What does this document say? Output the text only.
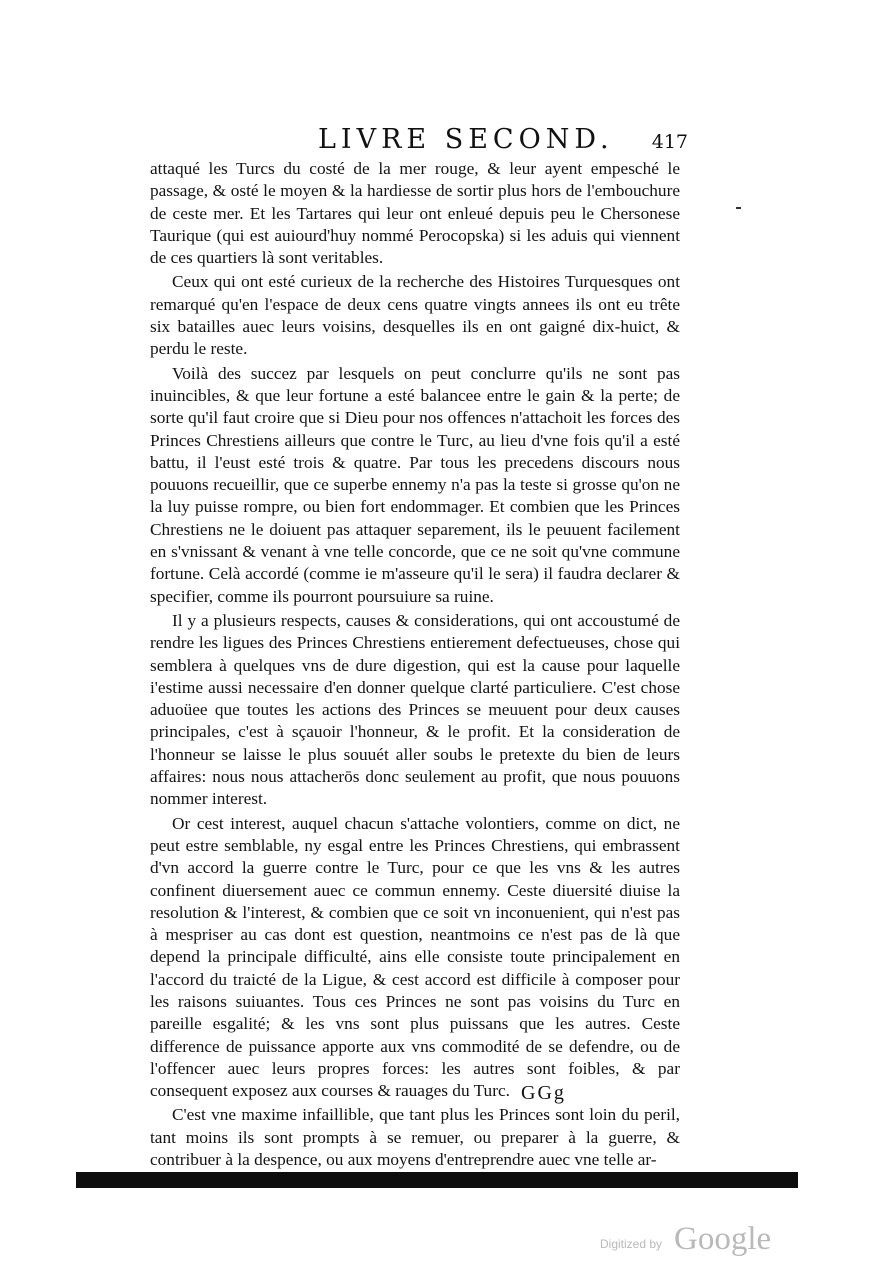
LIVRE SECOND. 417

attaqué les Turcs du costé de la mer rouge, & leur ayent empesché le passage, & osté le moyen & la hardiesse de sortir plus hors de l'embouchure de ceste mer. Et les Tartares qui leur ont enleué depuis peu le Chersonese Taurique (qui est auiourd'huy nommé Perocopska) si les aduis qui viennent de ces quartiers là sont veritables.

Ceux qui ont esté curieux de la recherche des Histoires Turquesques ont remarqué qu'en l'espace de deux cens quatre vingts annees ils ont eu trête six batailles auec leurs voisins, desquelles ils en ont gaigné dix-huict, & perdu le reste.

Voilà des succez par lesquels on peut conclurre qu'ils ne sont pas inuincibles, & que leur fortune a esté balancee entre le gain & la perte; de sorte qu'il faut croire que si Dieu pour nos offences n'attachoit les forces des Princes Chrestiens ailleurs que contre le Turc, au lieu d'vne fois qu'il a esté battu, il l'eust esté trois & quatre. Par tous les precedens discours nous pouuons recueillir, que ce superbe ennemy n'a pas la teste si grosse qu'on ne la luy puisse rompre, ou bien fort endommager. Et combien que les Princes Chrestiens ne le doiuent pas attaquer separement, ils le peuuent facilement en s'vnissant & venant à vne telle concorde, que ce ne soit qu'vne commune fortune. Celà accordé (comme ie m'asseure qu'il le sera) il faudra declarer & specifier, comme ils pourront poursuiure sa ruine.

Il y a plusieurs respects, causes & considerations, qui ont accoustumé de rendre les ligues des Princes Chrestiens entierement defectueuses, chose qui semblera à quelques vns de dure digestion, qui est la cause pour laquelle i'estime aussi necessaire d'en donner quelque clarté particuliere. C'est chose aduoüee que toutes les actions des Princes se meuuent pour deux causes principales, c'est à sçauoir l'honneur, & le profit. Et la consideration de l'honneur se laisse le plus souuét aller soubs le pretexte du bien de leurs affaires: nous nous attacherōs donc seulement au profit, que nous pouuons nommer interest.

Or cest interest, auquel chacun s'attache volontiers, comme on dict, ne peut estre semblable, ny esgal entre les Princes Chrestiens, qui embrassent d'vn accord la guerre contre le Turc, pour ce que les vns & les autres confinent diuersement auec ce commun ennemy. Ceste diuersité diuise la resolution & l'interest, & combien que ce soit vn inconuenient, qui n'est pas à mespriser au cas dont est question, neantmoins ce n'est pas de là que depend la principale difficulté, ains elle consiste toute principalement en l'accord du traicté de la Ligue, & cest accord est difficile à composer pour les raisons suiuantes. Tous ces Princes ne sont pas voisins du Turc en pareille esgalité; & les vns sont plus puissans que les autres. Ceste difference de puissance apporte aux vns commodité de se defendre, ou de l'offencer auec leurs propres forces: les autres sont foibles, & par consequent exposez aux courses & rauages du Turc.

C'est vne maxime infaillible, que tant plus les Princes sont loin du peril, tant moins ils sont prompts à se remuer, ou preparer à la guerre, & contribuer à la despence, ou aux moyens d'entreprendre auec vne telle ar-

GGg
Digitized by Google
